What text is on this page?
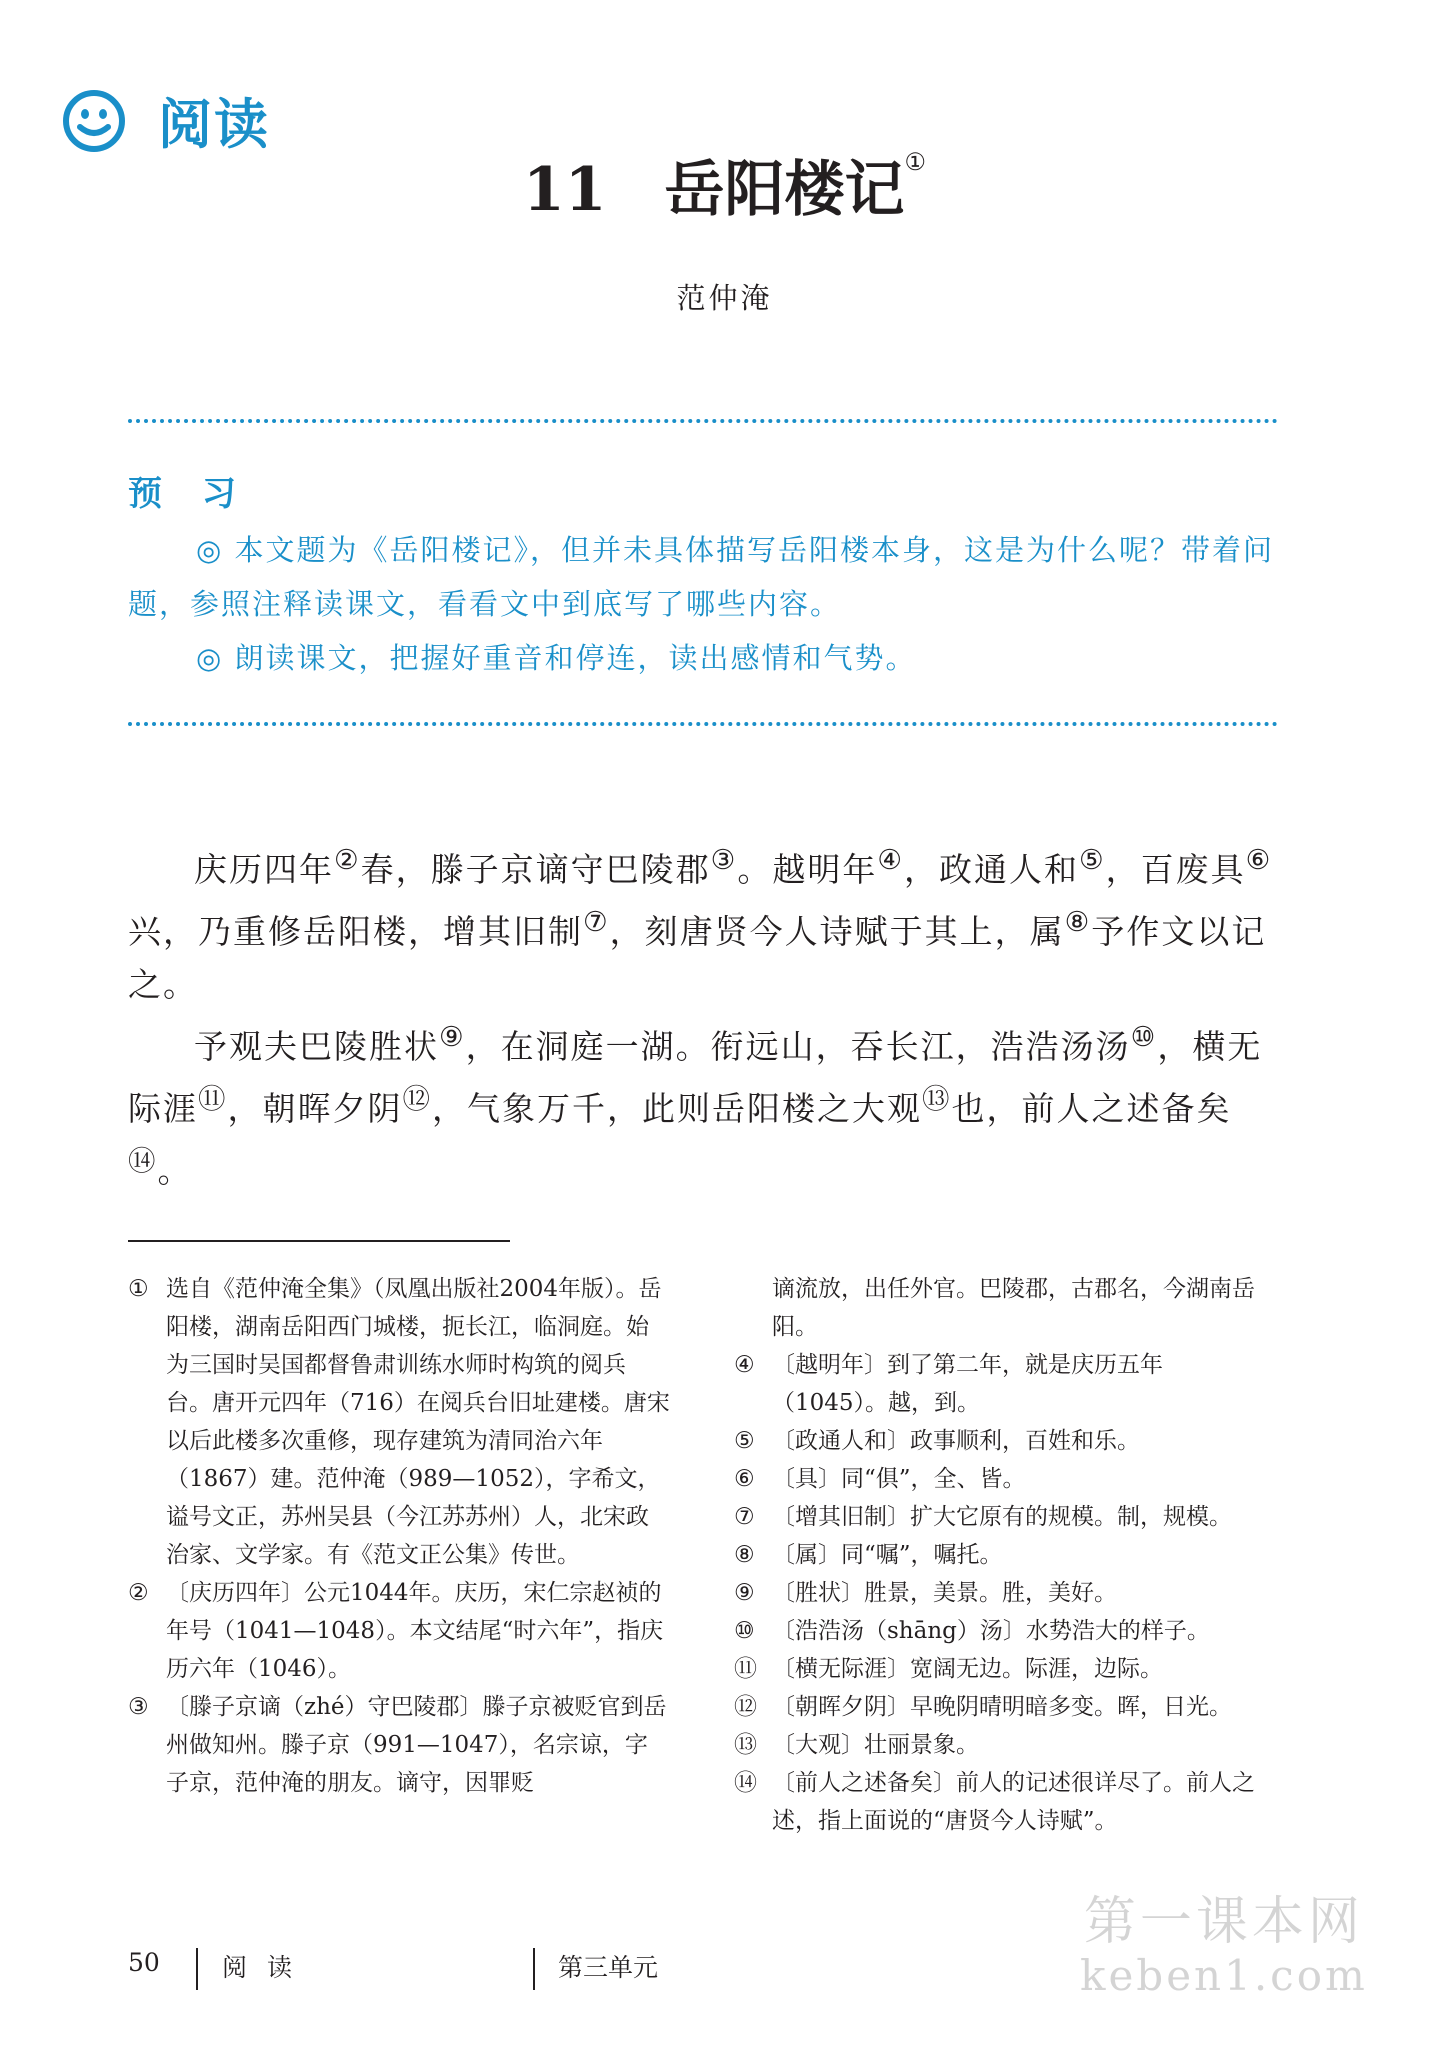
阅读
11 岳阳楼记①
范仲淹
预 习
◎ 本文题为《岳阳楼记》，但并未具体描写岳阳楼本身，这是为什么呢？带着问题，参照注释读课文，看看文中到底写了哪些内容。
◎ 朗读课文，把握好重音和停连，读出感情和气势。

庆历四年②春，滕子京谪守巴陵郡③。越明年④，政通人和⑤，百废具⑥兴，乃重修岳阳楼，增其旧制⑦，刻唐贤今人诗赋于其上，属⑧予作文以记之。

予观夫巴陵胜状⑨，在洞庭一湖。衔远山，吞长江，浩浩汤汤⑩，横无际涯⑪，朝晖夕阴⑫，气象万千，此则岳阳楼之大观⑬也，前人之述备矣⑭。

① 选自《范仲淹全集》（凤凰出版社2004年版）。岳阳楼，湖南岳阳西门城楼，扼长江，临洞庭。始为三国时吴国都督鲁肃训练水师时构筑的阅兵台。唐开元四年（716）在阅兵台旧址建楼。唐宋以后此楼多次重修，现存建筑为清同治六年（1867）建。范仲淹（989—1052），字希文，谥号文正，苏州吴县（今江苏苏州）人，北宋政治家、文学家。有《范文正公集》传世。
② 〔庆历四年〕公元1044年。庆历，宋仁宗赵祯的年号（1041—1048）。本文结尾“时六年”，指庆历六年（1046）。
③ 〔滕子京谪（zhé）守巴陵郡〕滕子京被贬官到岳州做知州。滕子京（991—1047），名宗谅，字子京，范仲淹的朋友。谪守，因罪贬
谪流放，出任外官。巴陵郡，古郡名，今湖南岳阳。
④ 〔越明年〕到了第二年，就是庆历五年（1045）。越，到。
⑤ 〔政通人和〕政事顺利，百姓和乐。
⑥ 〔具〕同“俱”，全、皆。
⑦ 〔增其旧制〕扩大它原有的规模。制，规模。
⑧ 〔属〕同“嘱”，嘱托。
⑨ 〔胜状〕胜景，美景。胜，美好。
⑩ 〔浩浩汤（shāng）汤〕水势浩大的样子。
⑪ 〔横无际涯〕宽阔无边。际涯，边际。
⑫ 〔朝晖夕阴〕早晚阴晴明暗多变。晖，日光。
⑬ 〔大观〕壮丽景象。
⑭ 〔前人之述备矣〕前人的记述很详尽了。前人之述，指上面说的“唐贤今人诗赋”。
50 阅 读	第三单元
第一课本网
keben1.com
